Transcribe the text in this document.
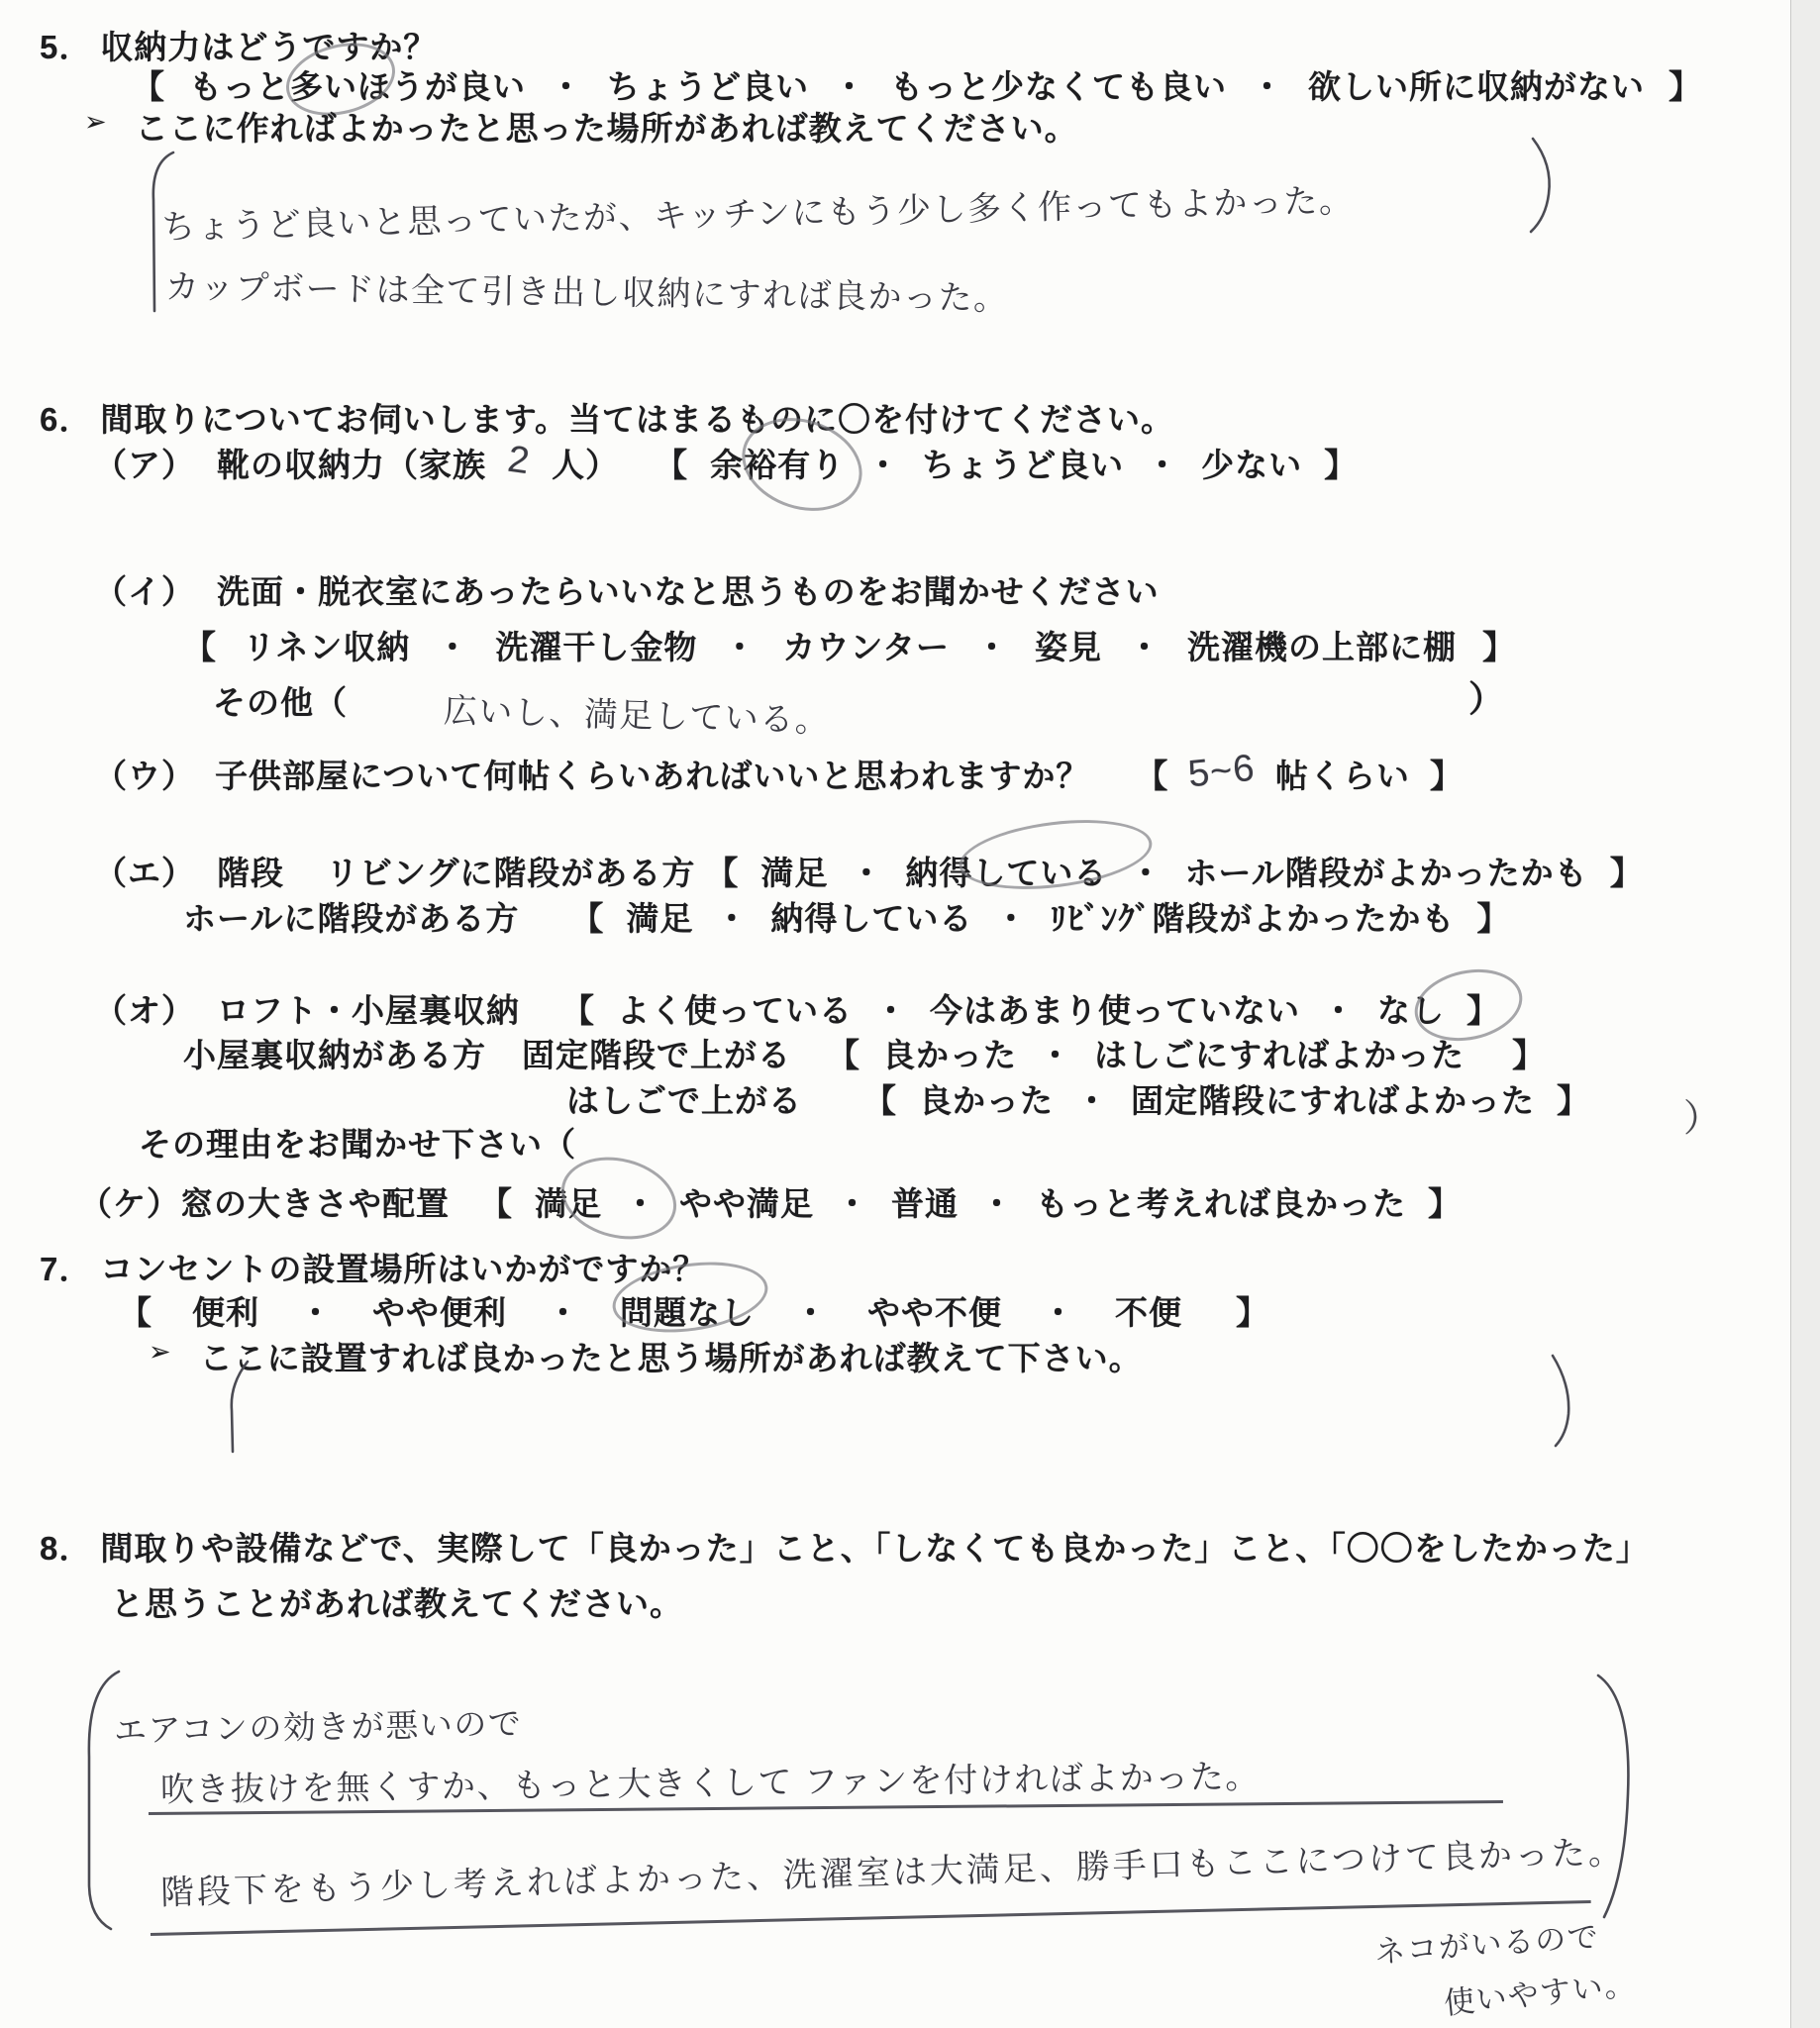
5． 収納力はどうですか？
【 もっと多いほうが良い ・ ちょうど良い ・ もっと少なくても良い ・ 欲しい所に収納がない 】
➢ ここに作ればよかったと思った場所があれば教えてください。
ちょうど良いと思っていたが、キッチンにもう少し多く作ってもよかった。
カップボードは全て引き出し収納にすれば良かった。
6． 間取りについてお伺いします。当てはまるものに〇を付けてください。
（ア） 靴の収納力（家族 2 人） 【 余裕有り ・ ちょうど良い ・ 少ない 】
（イ） 洗面・脱衣室にあったらいいなと思うものをお聞かせください
【 リネン収納 ・ 洗濯干し金物 ・ カウンター ・ 姿見 ・ 洗濯機の上部に棚 】
その他（	広いし、満足している。	）
（ウ） 子供部屋について何帖くらいあればいいと思われますか？ 【 5~6 帖くらい 】
（エ） 階段 リビングに階段がある方 【 満足 ・ 納得している ・ ホール階段がよかったかも 】
ホールに階段がある方 【 満足 ・ 納得している ・ ﾘﾋﾞﾝｸﾞ階段がよかったかも 】
（オ） ロフト・小屋裏収納 【 よく使っている ・ 今はあまり使っていない ・ なし 】
小屋裏収納がある方 固定階段で上がる 【 良かった ・ はしごにすればよかった 】
はしごで上がる 【 良かった ・ 固定階段にすればよかった 】
その理由をお聞かせ下さい（
）
（ケ） 窓の大きさや配置 【 満足 ・ やや満足 ・ 普通 ・ もっと考えれば良かった 】
7． コンセントの設置場所はいかがですか？
【 便利 ・ やや便利 ・ 問題なし ・ やや不便 ・ 不便 】
➢ ここに設置すれば良かったと思う場所があれば教えて下さい。
8． 間取りや設備などで、実際して「良かった」こと、「しなくても良かった」こと、「〇〇をしたかった」
と思うことがあれば教えてください。
エアコンの効きが悪いので
吹き抜けを無くすか、もっと大きくして ファンを付ければよかった。
階段下をもう少し考えればよかった、洗濯室は大満足、勝手口もここにつけて良かった。
ネコがいるので
使いやすい。
